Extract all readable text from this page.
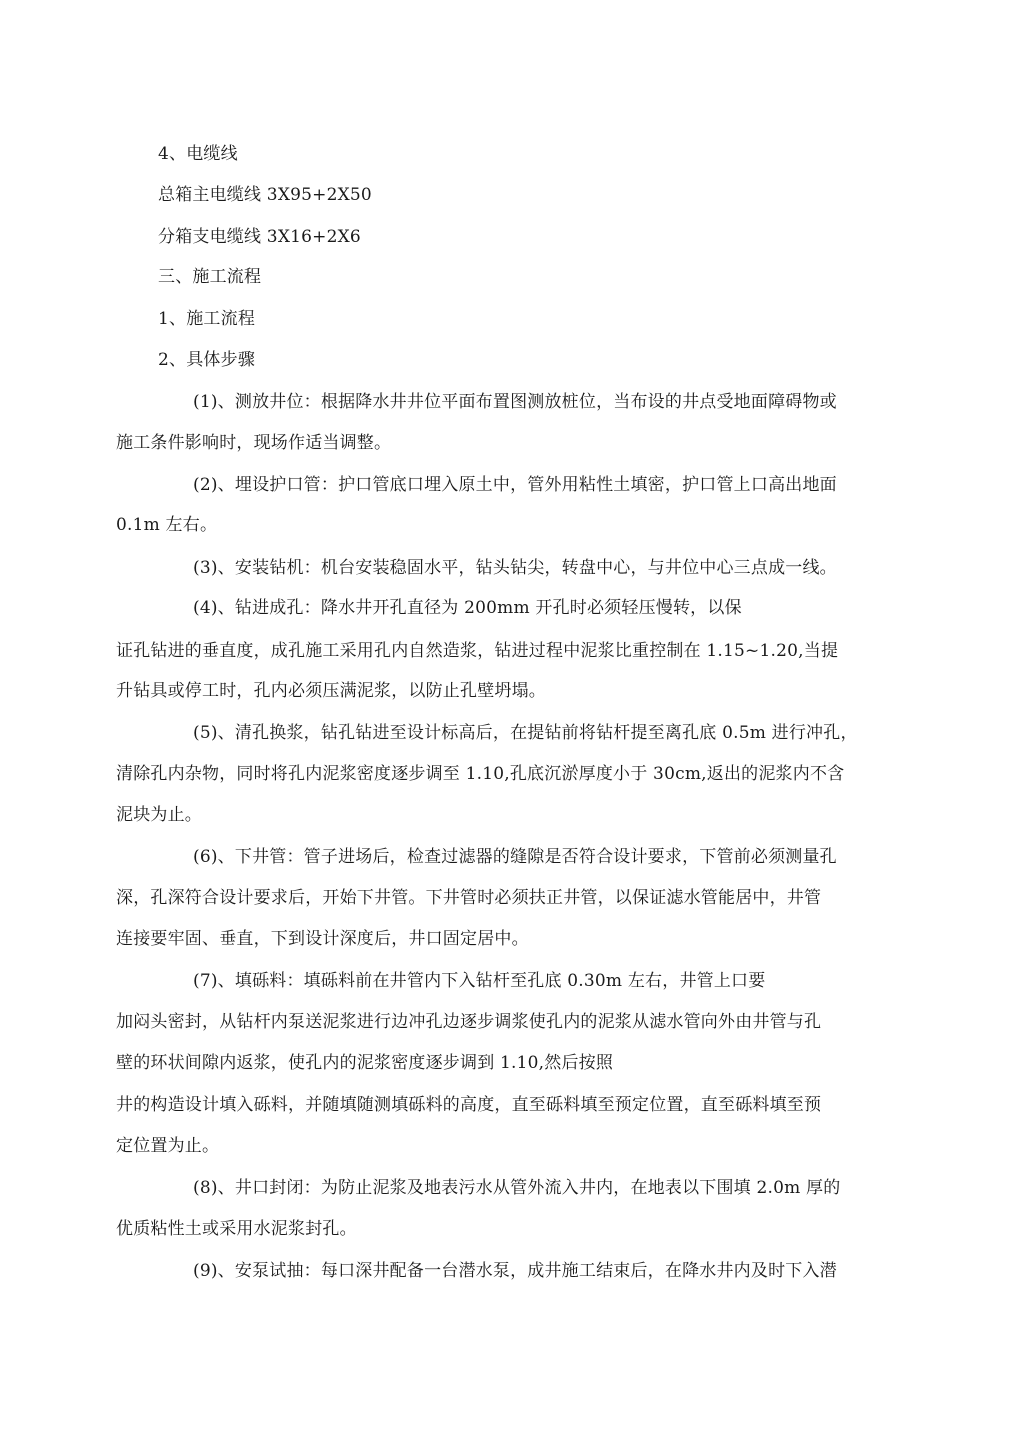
4、电缆线
总箱主电缆线 3X95+2X50
分箱支电缆线 3X16+2X6
三、施工流程
1、施工流程
2、具体步骤
(1)、测放井位：根据降水井井位平面布置图测放桩位，当布设的井点受地面障碍物或
施工条件影响时，现场作适当调整。
(2)、埋设护口管：护口管底口埋入原土中，管外用粘性土填密，护口管上口高出地面
0.1m 左右。
(3)、安装钻机：机台安装稳固水平，钻头钻尖，转盘中心，与井位中心三点成一线。
(4)、钻进成孔：降水井开孔直径为 200mm 开孔时必须轻压慢转，以保
证孔钻进的垂直度，成孔施工采用孔内自然造浆，钻进过程中泥浆比重控制在 1.15~1.20,当提
升钻具或停工时，孔内必须压满泥浆，以防止孔壁坍塌。
(5)、清孔换浆，钻孔钻进至设计标高后，在提钻前将钻杆提至离孔底 0.5m 进行冲孔，
清除孔内杂物，同时将孔内泥浆密度逐步调至 1.10,孔底沉淤厚度小于 30cm,返出的泥浆内不含
泥块为止。
(6)、下井管：管子进场后，检查过滤器的缝隙是否符合设计要求，下管前必须测量孔
深，孔深符合设计要求后，开始下井管。下井管时必须扶正井管，以保证滤水管能居中，井管
连接要牢固、垂直，下到设计深度后，井口固定居中。
(7)、填砾料：填砾料前在井管内下入钻杆至孔底 0.30m 左右，井管上口要
加闷头密封，从钻杆内泵送泥浆进行边冲孔边逐步调浆使孔内的泥浆从滤水管向外由井管与孔
壁的环状间隙内返浆，使孔内的泥浆密度逐步调到 1.10,然后按照
井的构造设计填入砾料，并随填随测填砾料的高度，直至砾料填至预定位置，直至砾料填至预
定位置为止。
(8)、井口封闭：为防止泥浆及地表污水从管外流入井内，在地表以下围填 2.0m 厚的
优质粘性土或采用水泥浆封孔。
(9)、安泵试抽：每口深井配备一台潜水泵，成井施工结束后，在降水井内及时下入潜
